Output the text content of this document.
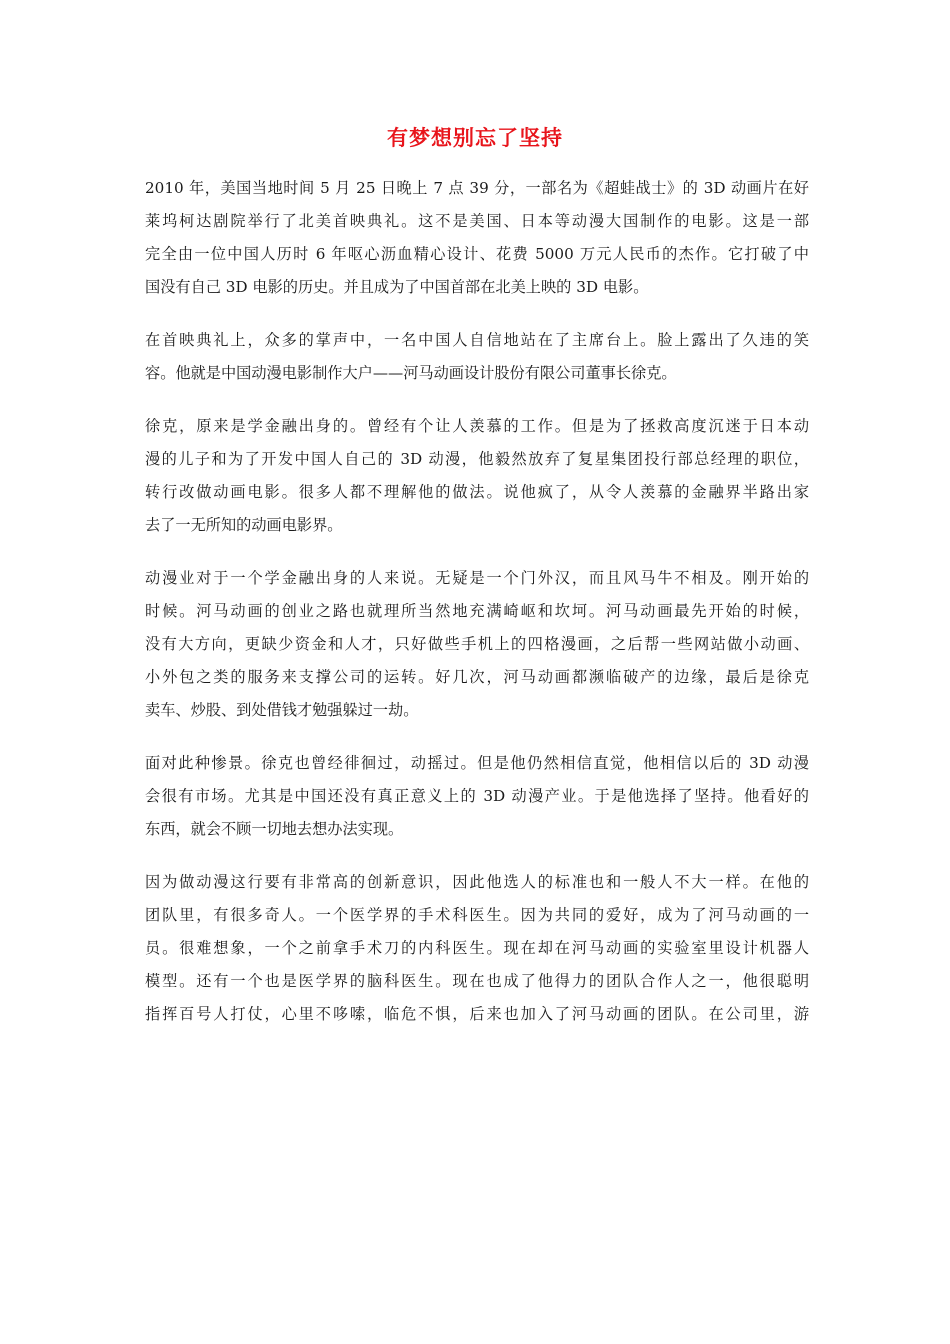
有梦想别忘了坚持
2010 年，美国当地时间 5 月 25 日晚上 7 点 39 分，一部名为《超蛙战士》的 3D 动画片在好
莱坞柯达剧院举行了北美首映典礼。这不是美国、日本等动漫大国制作的电影。这是一部
完全由一位中国人历时 6 年呕心沥血精心设计、花费 5000 万元人民币的杰作。它打破了中
国没有自己 3D 电影的历史。并且成为了中国首部在北美上映的 3D 电影。
在首映典礼上，众多的掌声中，一名中国人自信地站在了主席台上。脸上露出了久违的笑
容。他就是中国动漫电影制作大户——河马动画设计股份有限公司董事长徐克。
徐克，原来是学金融出身的。曾经有个让人羡慕的工作。但是为了拯救高度沉迷于日本动
漫的儿子和为了开发中国人自己的 3D 动漫，他毅然放弃了复星集团投行部总经理的职位，
转行改做动画电影。很多人都不理解他的做法。说他疯了，从令人羡慕的金融界半路出家
去了一无所知的动画电影界。
动漫业对于一个学金融出身的人来说。无疑是一个门外汉，而且风马牛不相及。刚开始的
时候。河马动画的创业之路也就理所当然地充满崎岖和坎坷。河马动画最先开始的时候，
没有大方向，更缺少资金和人才，只好做些手机上的四格漫画，之后帮一些网站做小动画、
小外包之类的服务来支撑公司的运转。好几次，河马动画都濒临破产的边缘，最后是徐克
卖车、炒股、到处借钱才勉强躲过一劫。
面对此种惨景。徐克也曾经徘徊过，动摇过。但是他仍然相信直觉，他相信以后的 3D 动漫
会很有市场。尤其是中国还没有真正意义上的 3D 动漫产业。于是他选择了坚持。他看好的
东西，就会不顾一切地去想办法实现。
因为做动漫这行要有非常高的创新意识，因此他选人的标准也和一般人不大一样。在他的
团队里，有很多奇人。一个医学界的手术科医生。因为共同的爱好，成为了河马动画的一
员。很难想象，一个之前拿手术刀的内科医生。现在却在河马动画的实验室里设计机器人
模型。还有一个也是医学界的脑科医生。现在也成了他得力的团队合作人之一，他很聪明
指挥百号人打仗，心里不哆嗦，临危不惧，后来也加入了河马动画的团队。在公司里，游
